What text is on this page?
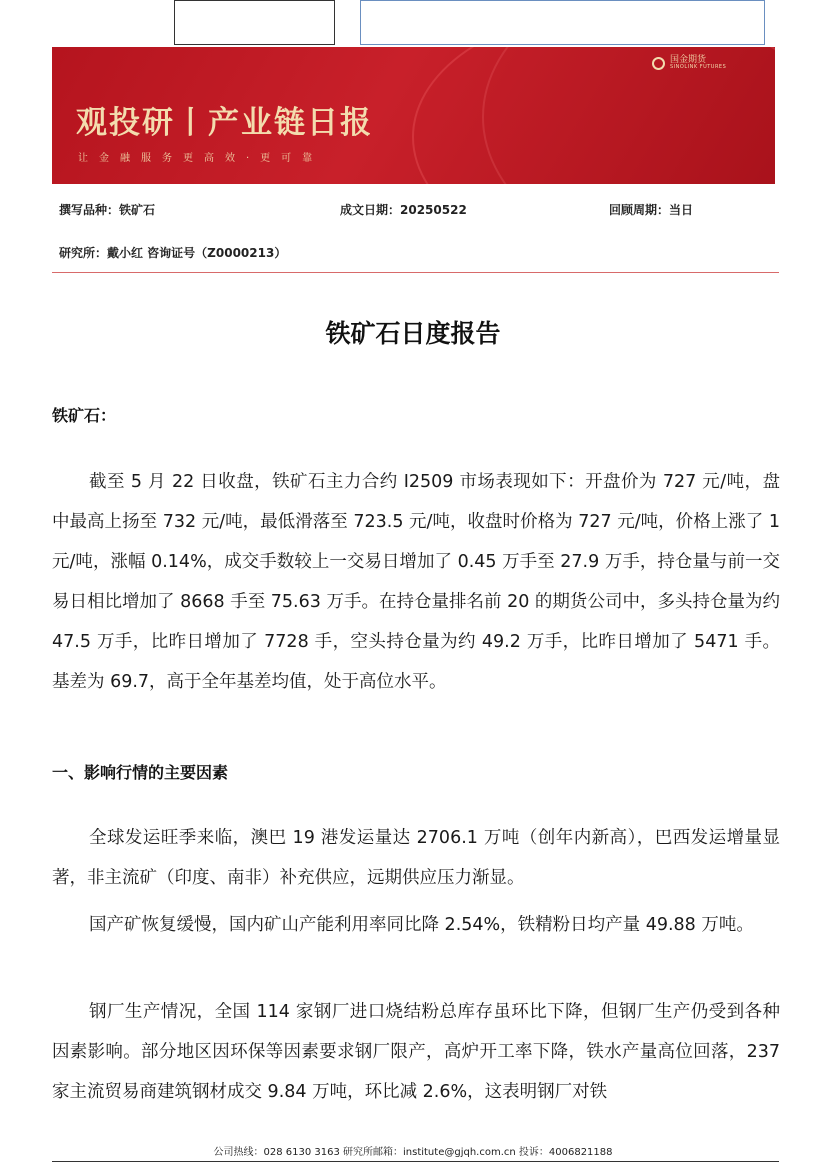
国金期货
SINOLINK FUTURES
观投研丨产业链日报
让金融服务更高效·更可靠
撰写品种：铁矿石	成文日期：20250522	回顾周期：当日
研究所：戴小红 咨询证号（Z0000213）
铁矿石日度报告
铁矿石：

截至 5 月 22 日收盘，铁矿石主力合约 I2509 市场表现如下：开盘价为 727 元/吨，盘中最高上扬至 732 元/吨，最低滑落至 723.5 元/吨，收盘时价格为 727 元/吨，价格上涨了 1 元/吨，涨幅 0.14%，成交手数较上一交易日增加了 0.45 万手至 27.9 万手，持仓量与前一交易日相比增加了 8668 手至 75.63 万手。在持仓量排名前 20 的期货公司中，多头持仓量为约 47.5 万手，比昨日增加了 7728 手，空头持仓量为约 49.2 万手，比昨日增加了 5471 手。基差为 69.7，高于全年基差均值，处于高位水平。

一、影响行情的主要因素

全球发运旺季来临，澳巴 19 港发运量达 2706.1 万吨（创年内新高），巴西发运增量显著，非主流矿（印度、南非）补充供应，远期供应压力渐显。

国产矿恢复缓慢，国内矿山产能利用率同比降 2.54%，铁精粉日均产量 49.88 万吨。

钢厂生产情况，全国 114 家钢厂进口烧结粉总库存虽环比下降，但钢厂生产仍受到各种因素影响。部分地区因环保等因素要求钢厂限产，高炉开工率下降，铁水产量高位回落，237 家主流贸易商建筑钢材成交 9.84 万吨，环比减 2.6%，这表明钢厂对铁

公司热线：028 6130 3163 研究所邮箱：institute@gjqh.com.cn 投诉：4006821188
